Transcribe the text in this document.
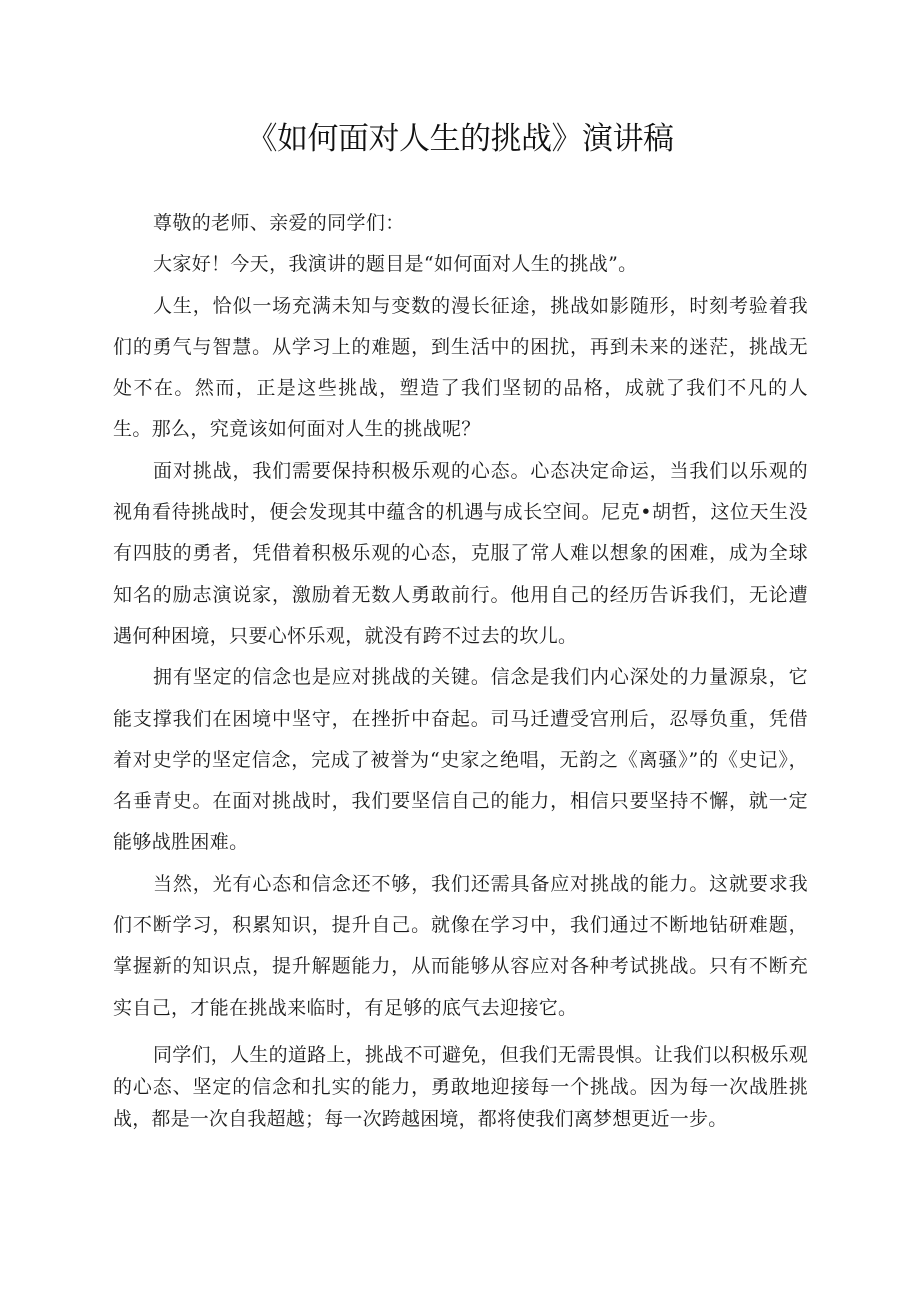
《如何面对人生的挑战》演讲稿

尊敬的老师、亲爱的同学们：

大家好！今天，我演讲的题目是“如何面对人生的挑战”。

人生，恰似一场充满未知与变数的漫长征途，挑战如影随形，时刻考验着我们的勇气与智慧。从学习上的难题，到生活中的困扰，再到未来的迷茫，挑战无处不在。然而，正是这些挑战，塑造了我们坚韧的品格，成就了我们不凡的人生。那么，究竟该如何面对人生的挑战呢？

面对挑战，我们需要保持积极乐观的心态。心态决定命运，当我们以乐观的视角看待挑战时，便会发现其中蕴含的机遇与成长空间。尼克•胡哲，这位天生没有四肢的勇者，凭借着积极乐观的心态，克服了常人难以想象的困难，成为全球知名的励志演说家，激励着无数人勇敢前行。他用自己的经历告诉我们，无论遭遇何种困境，只要心怀乐观，就没有跨不过去的坎儿。

拥有坚定的信念也是应对挑战的关键。信念是我们内心深处的力量源泉，它能支撑我们在困境中坚守，在挫折中奋起。司马迁遭受宫刑后，忍辱负重，凭借着对史学的坚定信念，完成了被誉为“史家之绝唱，无韵之《离骚》”的《史记》，名垂青史。在面对挑战时，我们要坚信自己的能力，相信只要坚持不懈，就一定能够战胜困难。

当然，光有心态和信念还不够，我们还需具备应对挑战的能力。这就要求我们不断学习，积累知识，提升自己。就像在学习中，我们通过不断地钻研难题，掌握新的知识点，提升解题能力，从而能够从容应对各种考试挑战。只有不断充实自己，才能在挑战来临时，有足够的底气去迎接它。

同学们，人生的道路上，挑战不可避免，但我们无需畏惧。让我们以积极乐观的心态、坚定的信念和扎实的能力，勇敢地迎接每一个挑战。因为每一次战胜挑战，都是一次自我超越；每一次跨越困境，都将使我们离梦想更近一步。
